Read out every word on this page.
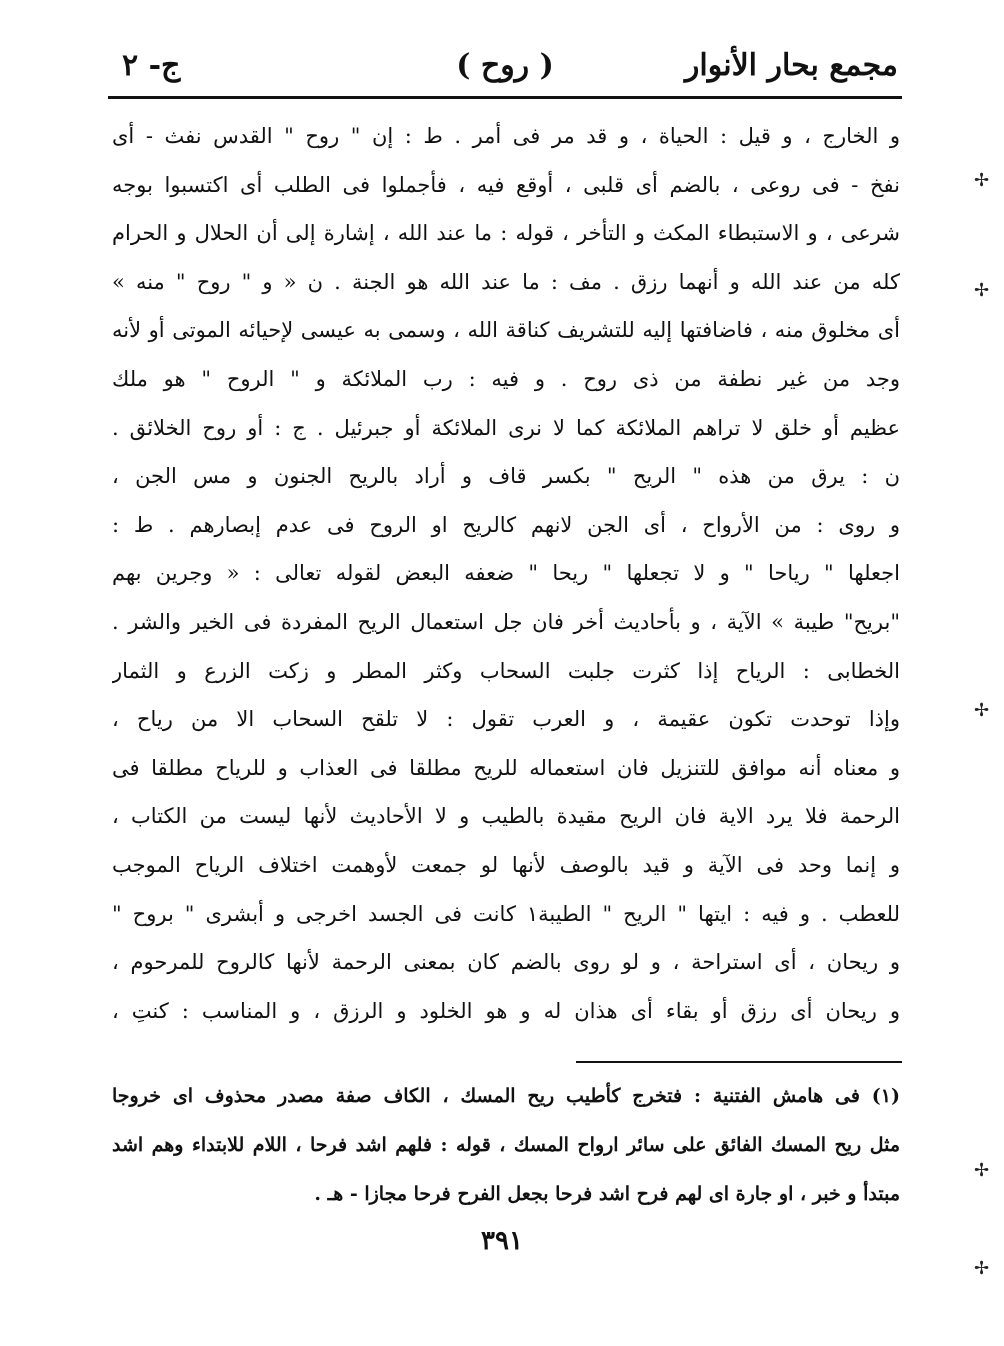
مجمع بحار الأنوار
( روح )
ج- ٢
و الخارج ، و قيل : الحياة ، و قد مر فى أمر . ط : إن " روح " القدس نفث - أى
نفخ - فى روعى ، بالضم أى قلبى ، أوقع فيه ، فأجملوا فى الطلب أى اكتسبوا بوجه
شرعى ، و الاستبطاء المكث و التأخر ، قوله : ما عند الله ، إشارة إلى أن الحلال و الحرام
كله من عند الله و أنهما رزق . مف : ما عند الله هو الجنة . ن « و " روح " منه »
أى مخلوق منه ، فاضافتها إليه للتشريف كناقة الله ، وسمى به عيسى لإحيائه الموتى أو لأنه
وجد من غير نطفة من ذى روح . و فيه : رب الملائكة و " الروح " هو ملك
عظيم أو خلق لا تراهم الملائكة كما لا نرى الملائكة أو جبرئيل . ج : أو روح الخلائق .
ن : يرق من هذه " الريح " بكسر قاف و أراد بالريح الجنون و مس الجن ،
و روى : من الأرواح ، أى الجن لانهم كالريح او الروح فى عدم إبصارهم . ط :
اجعلها " رياحا " و لا تجعلها " ريحا " ضعفه البعض لقوله تعالى : « وجرين بهم
"بريح" طيبة » الآية ، و بأحاديث أخر فان جل استعمال الريح المفردة فى الخير والشر .
الخطابى : الرياح إذا كثرت جلبت السحاب وكثر المطر و زكت الزرع و الثمار
وإذا توحدت تكون عقيمة ، و العرب تقول : لا تلقح السحاب الا من رياح ،
و معناه أنه موافق للتنزيل فان استعماله للريح مطلقا فى العذاب و للرياح مطلقا فى
الرحمة فلا يرد الاية فان الريح مقيدة بالطيب و لا الأحاديث لأنها ليست من الكتاب ،
و إنما وحد فى الآية و قيد بالوصف لأنها لو جمعت لأوهمت اختلاف الرياح الموجب
للعطب . و فيه : ايتها " الريح " الطيبة١ كانت فى الجسد اخرجى و أبشرى " بروح "
و ريحان ، أى استراحة ، و لو روى بالضم كان بمعنى الرحمة لأنها كالروح للمرحوم ،
و ريحان أى رزق أو بقاء أى هذان له و هو الخلود و الرزق ، و المناسب : كنتِ ،
(١) فى هامش الفتنية : فتخرج كأطيب ريح المسك ، الكاف صفة مصدر محذوف اى خروجا
مثل ريح المسك الفائق على سائر ارواح المسك ، قوله : فلهم اشد فرحا ، اللام للابتداء وهم اشد
مبتدأ و خبر ، او جارة اى لهم فرح اشد فرحا بجعل الفرح فرحا مجازا - هـ .
٣٩١
✢
✢
✢
✢
✢
